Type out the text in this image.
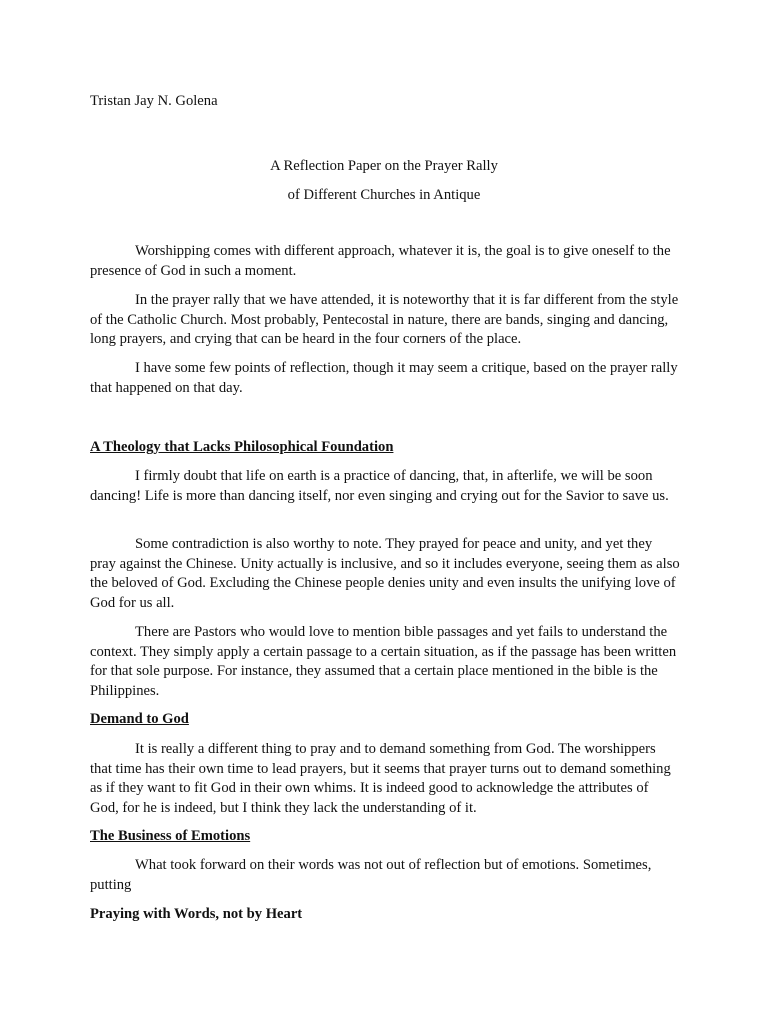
Tristan Jay N. Golena

A Reflection Paper on the Prayer Rally
of Different Churches in Antique

Worshipping comes with different approach, whatever it is, the goal is to give oneself to the presence of God in such a moment.

In the prayer rally that we have attended, it is noteworthy that it is far different from the style of the Catholic Church. Most probably, Pentecostal in nature, there are bands, singing and dancing, long prayers, and crying that can be heard in the four corners of the place.

I have some few points of reflection, though it may seem a critique, based on the prayer rally that happened on that day.

A Theology that Lacks Philosophical Foundation

I firmly doubt that life on earth is a practice of dancing, that, in afterlife, we will be soon dancing! Life is more than dancing itself, nor even singing and crying out for the Savior to save us.

Some contradiction is also worthy to note. They prayed for peace and unity, and yet they pray against the Chinese. Unity actually is inclusive, and so it includes everyone, seeing them as also the beloved of God. Excluding the Chinese people denies unity and even insults the unifying love of God for us all.

There are Pastors who would love to mention bible passages and yet fails to understand the context. They simply apply a certain passage to a certain situation, as if the passage has been written for that sole purpose. For instance, they assumed that a certain place mentioned in the bible is the Philippines.

Demand to God

It is really a different thing to pray and to demand something from God. The worshippers that time has their own time to lead prayers, but it seems that prayer turns out to demand something as if they want to fit God in their own whims. It is indeed good to acknowledge the attributes of God, for he is indeed, but I think they lack the understanding of it.

The Business of Emotions

What took forward on their words was not out of reflection but of emotions. Sometimes, putting

Praying with Words, not by Heart
